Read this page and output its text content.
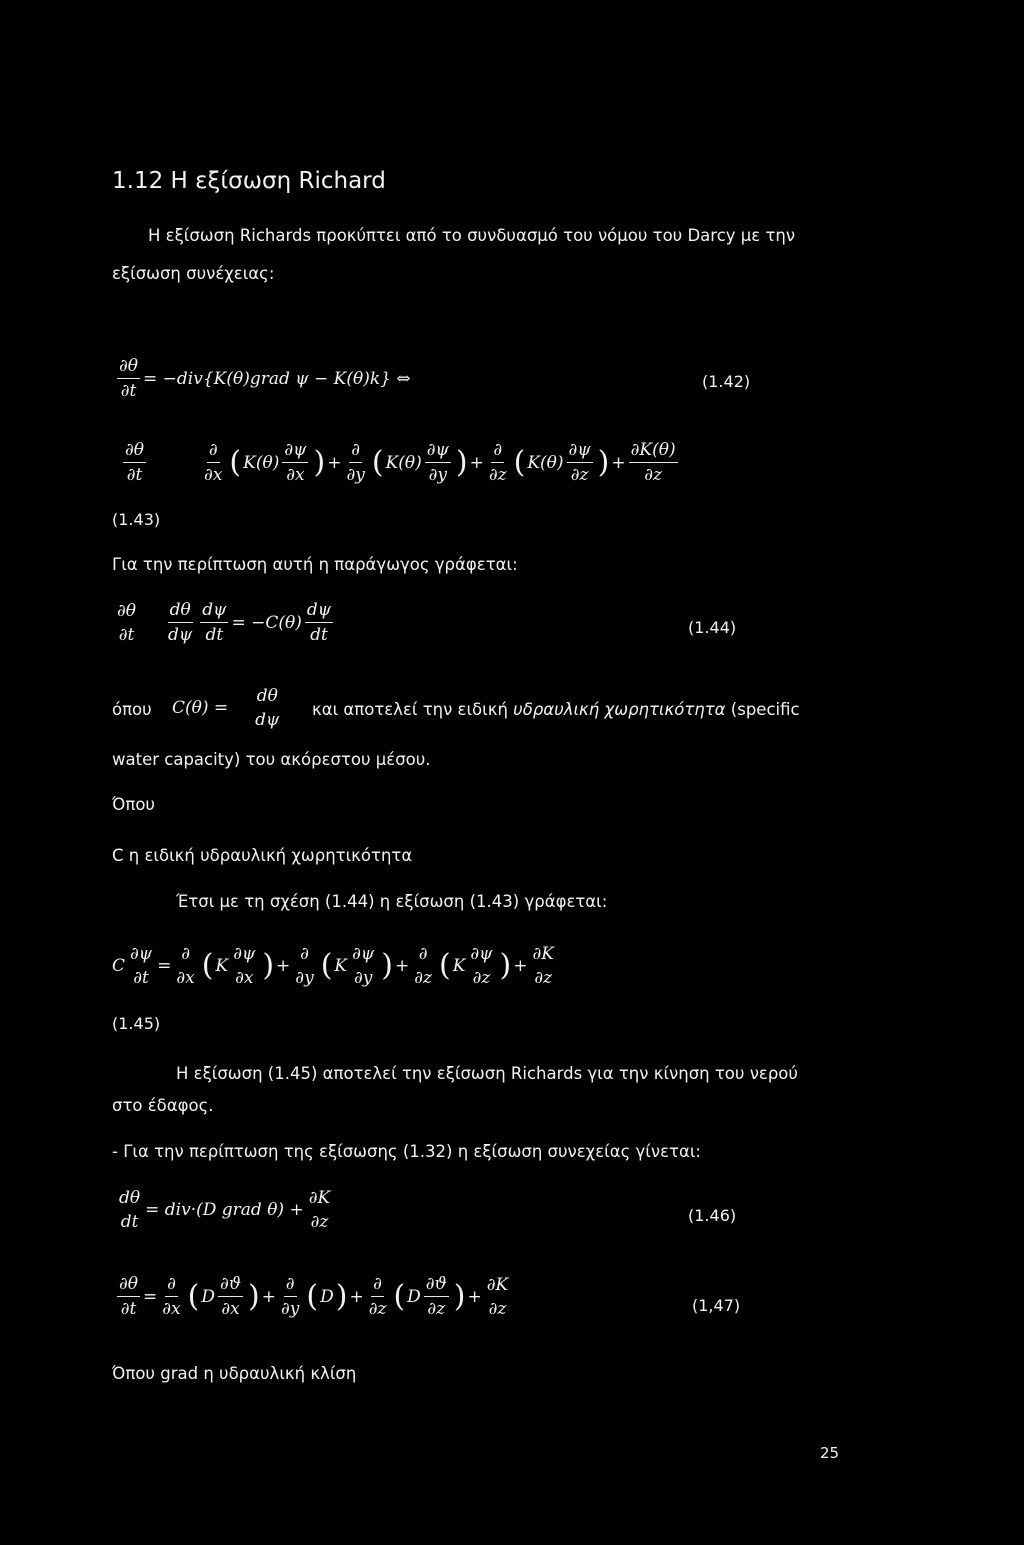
1.12 Η εξίσωση Richard
Η εξίσωση Richards προκύπτει από το συνδυασμό του νόμου του Darcy με την
εξίσωση συνέχειας:
$\frac{\partial\theta}{\partial t}$ = −div{K(θ)grad ψ − K(θ)k} ⇔	(1.42)
$\frac{\partial\theta}{\partial t}$	$\frac{\partial}{\partial x}$ ( $K(\theta) \frac{\partial\psi}{\partial x}$ ) + $\frac{\partial}{\partial y}$ ( $K(\theta) \frac{\partial\psi}{\partial y}$ ) + $\frac{\partial}{\partial z}$ ( $K(\theta) \frac{\partial\psi}{\partial z}$ ) + $\frac{\partial K(\theta)}{\partial z}$
(1.43)
Για την περίπτωση αυτή η παράγωγος γράφεται:
∂θ
$\partial t \frac{d\theta}{d\psi} \frac{d\psi}{dt} = -C(\theta) \frac{d\psi}{dt}$	(1.44)
όπου C(θ) =
dθ
dψ
και αποτελεί την ειδική υδραυλική χωρητικότητα (specific
water capacity) του ακόρεστου μέσου.
Όπου
C η ειδική υδραυλική χωρητικότητα
Έτσι με τη σχέση (1.44) η εξίσωση (1.43) γράφεται:
C
∂ψ
∂t
=
∂
∂x ( K
∂ψ
∂x ) +
∂
∂y ( K
∂ψ
∂y ) +
∂
∂z ( K
∂ψ
∂z ) +
∂K
∂z
(1.45)
Η εξίσωση (1.45) αποτελεί την εξίσωση Richards για την κίνηση του νερού
στο έδαφος.
- Για την περίπτωση της εξίσωσης (1.32) η εξίσωση συνεχείας γίνεται:
dθ
dt
= div·(D grad θ) +
∂K
∂z	(1.46)
$\frac{\partial\theta}{\partial t} = \frac{\partial}{\partial x}$ ( D $\frac{\partial ϑ}{\partial x}$ ) + $\frac{\partial}{\partial y}$ ( D ) + $\frac{\partial}{\partial z}$ ( D $\frac{\partial ϑ}{\partial z}$ ) +
∂K
∂z	(1,47)
Όπου grad η υδραυλική κλίση
25
